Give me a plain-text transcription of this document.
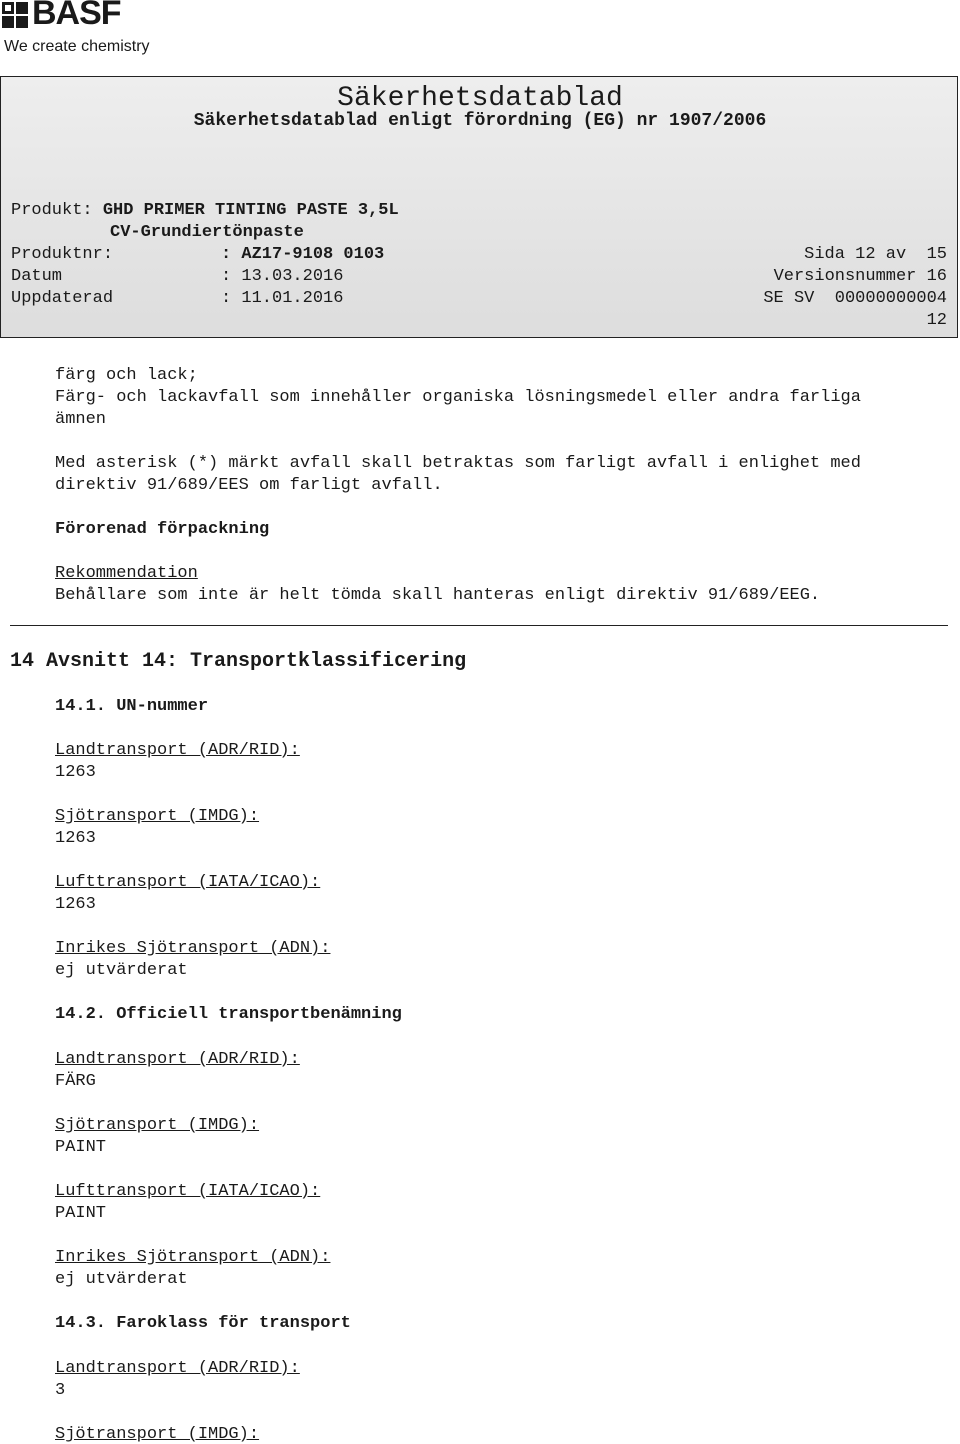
BASF
We create chemistry
Säkerhetsdatablad
Säkerhetsdatablad enligt förordning (EG) nr 1907/2006
Produkt: GHD PRIMER TINTING PASTE 3,5L
CV-Grundiertönpaste
Produktnr:	: AZ17-9108 0103	Sida 12 av 15
Datum	: 13.03.2016	Versionsnummer 16
Uppdaterad	: 11.01.2016	SE SV 00000000004
12
färg och lack;
Färg- och lackavfall som innehåller organiska lösningsmedel eller andra farliga
ämnen
Med asterisk (*) märkt avfall skall betraktas som farligt avfall i enlighet med
direktiv 91/689/EES om farligt avfall.
Förorenad förpackning
Rekommendation
Behållare som inte är helt tömda skall hanteras enligt direktiv 91/689/EEG.
14 Avsnitt 14: Transportklassificering
14.1. UN-nummer
Landtransport (ADR/RID):
1263
Sjötransport (IMDG):
1263
Lufttransport (IATA/ICAO):
1263
Inrikes Sjötransport (ADN):
ej utvärderat
14.2. Officiell transportbenämning
Landtransport (ADR/RID):
FÄRG
Sjötransport (IMDG):
PAINT
Lufttransport (IATA/ICAO):
PAINT
Inrikes Sjötransport (ADN):
ej utvärderat
14.3. Faroklass för transport
Landtransport (ADR/RID):
3
Sjötransport (IMDG):
